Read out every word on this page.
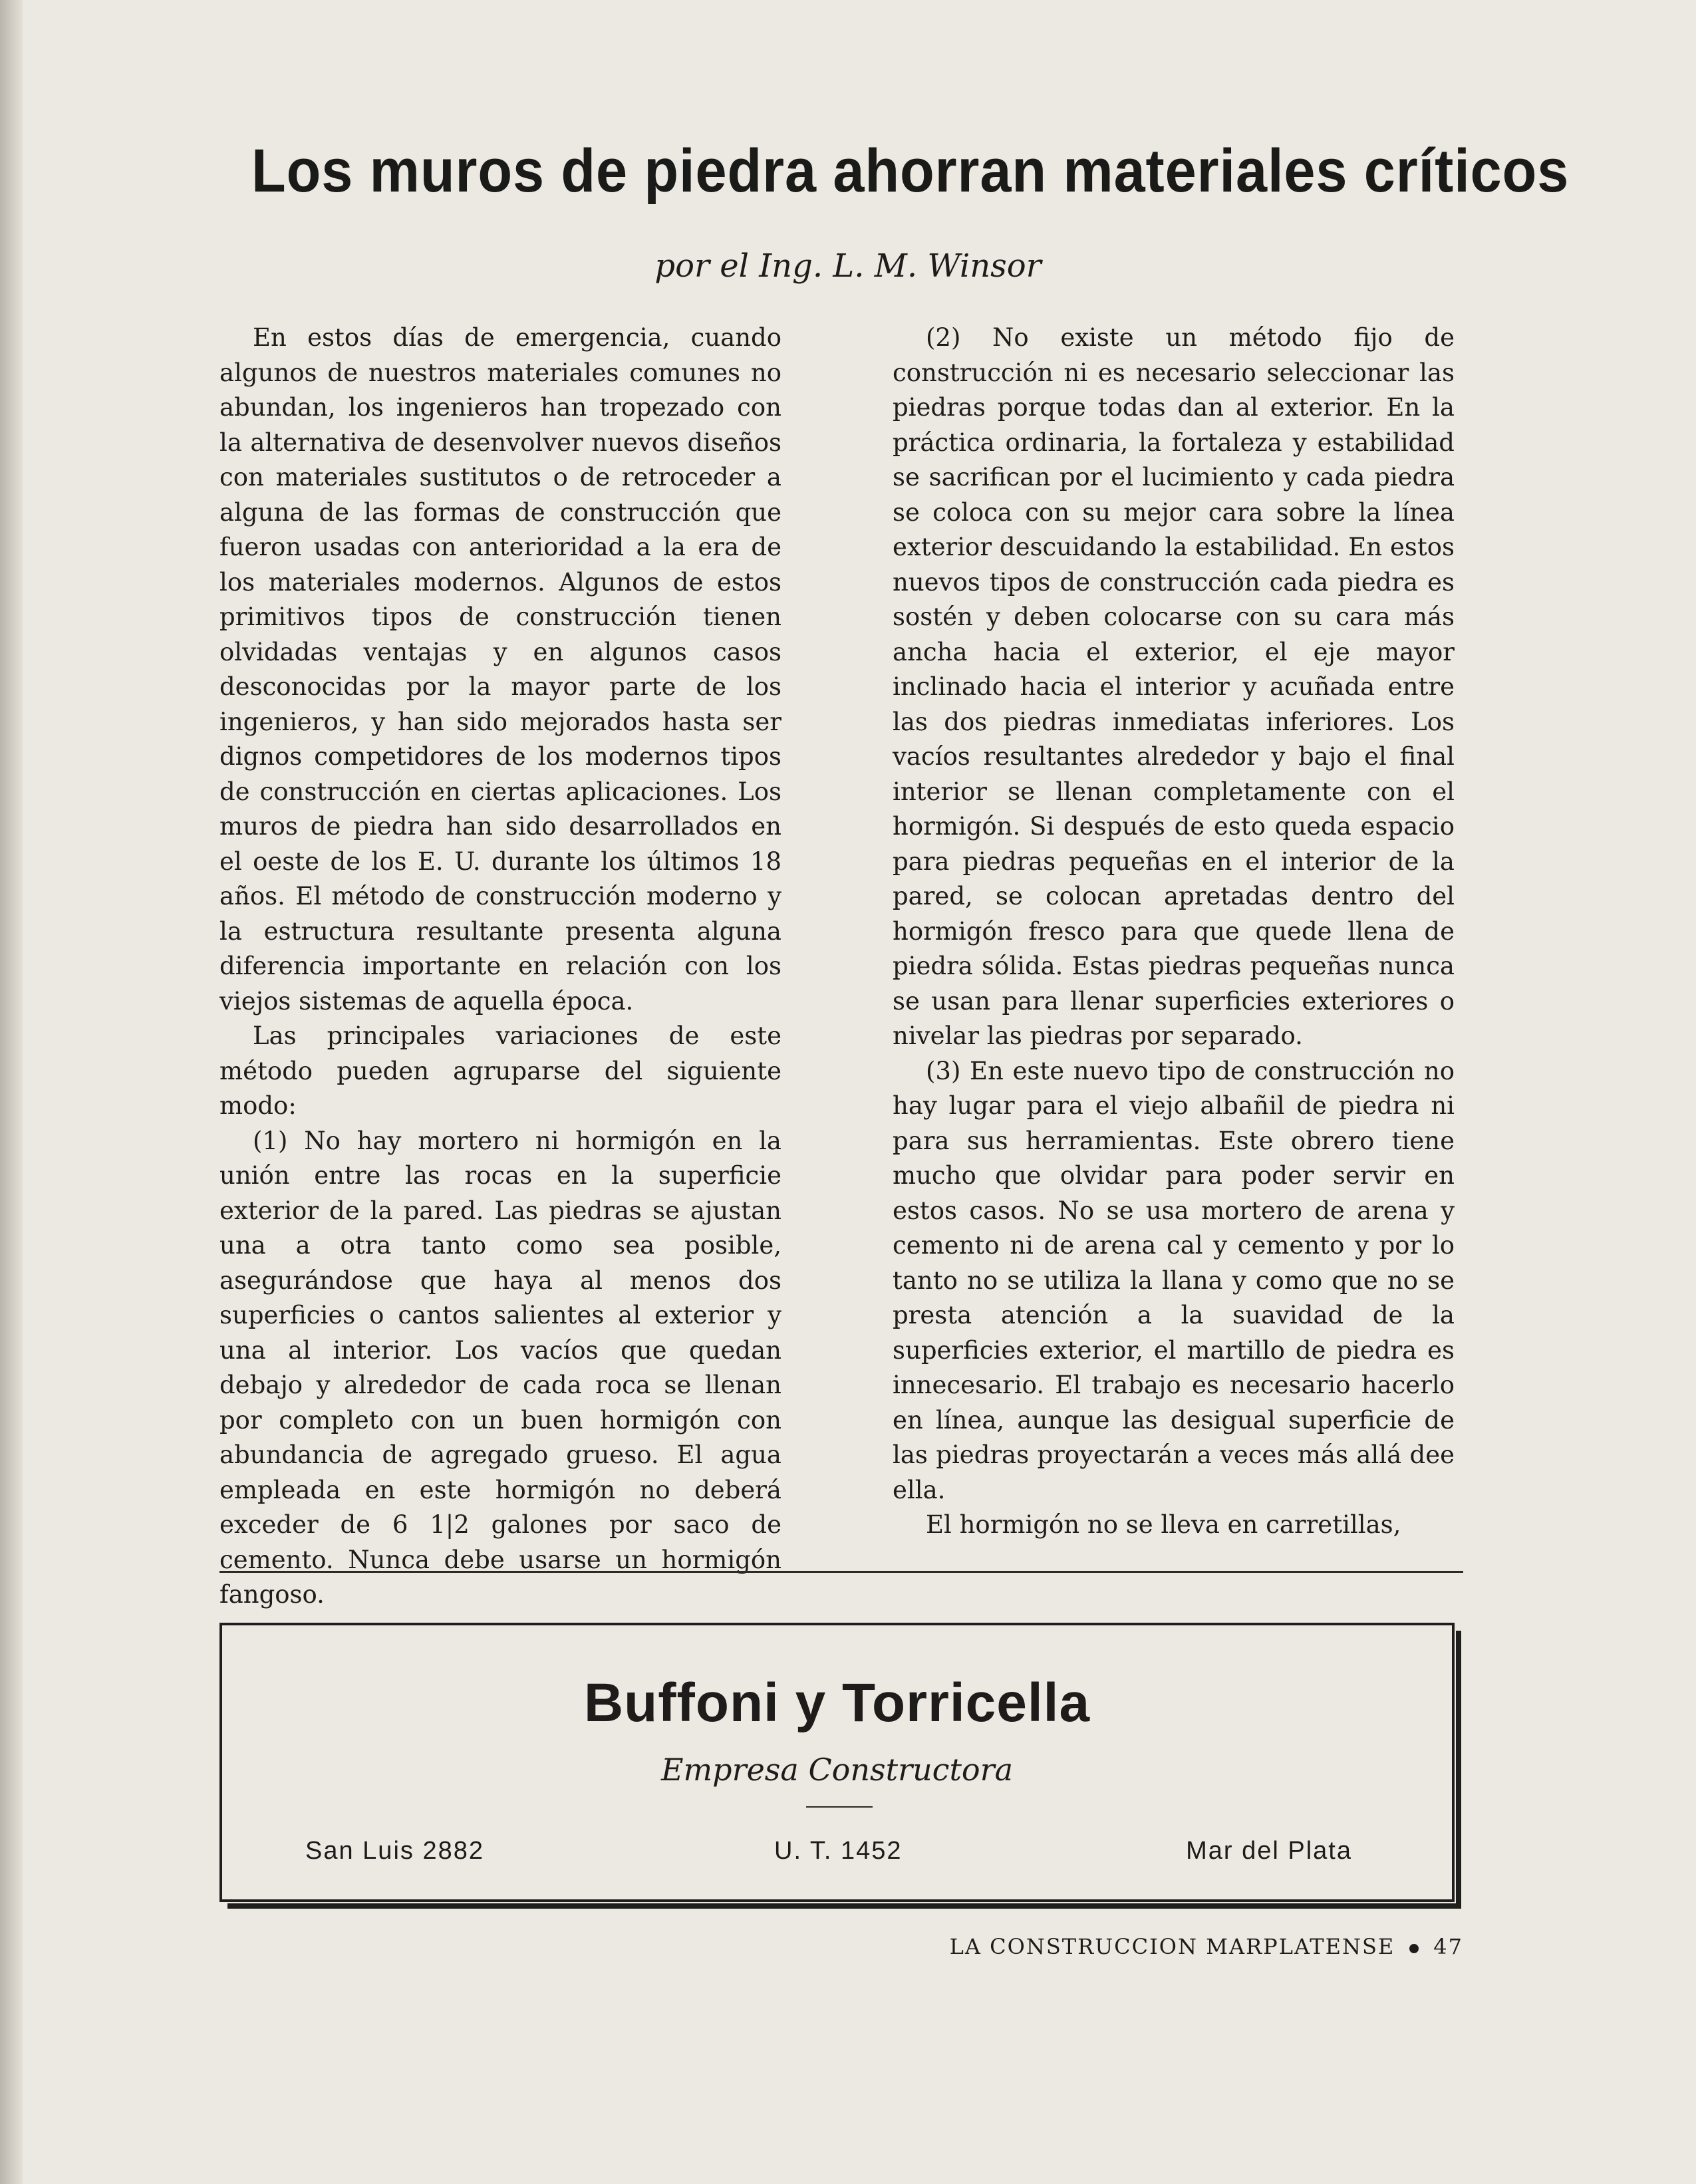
Los muros de piedra ahorran materiales críticos
por el Ing. L. M. Winsor

En estos días de emergencia, cuando algunos de nuestros materiales comunes no abundan, los ingenieros han tropezado con la alternativa de desenvolver nuevos diseños con materiales sustitutos o de retroceder a alguna de las formas de construcción que fueron usadas con anterioridad a la era de los materiales modernos. Algunos de estos primitivos tipos de construcción tienen olvidadas ventajas y en algunos casos desconocidas por la mayor parte de los ingenieros, y han sido mejorados hasta ser dignos competidores de los modernos tipos de construcción en ciertas aplicaciones. Los muros de piedra han sido desarrollados en el oeste de los E. U. durante los últimos 18 años. El método de construcción moderno y la estructura resultante presenta alguna diferencia importante en relación con los viejos sistemas de aquella época.

Las principales variaciones de este método pueden agruparse del siguiente modo:

(1) No hay mortero ni hormigón en la unión entre las rocas en la superficie exterior de la pared. Las piedras se ajustan una a otra tanto como sea posible, asegurándose que haya al menos dos superficies o cantos salientes al exterior y una al interior. Los vacíos que quedan debajo y alrededor de cada roca se llenan por completo con un buen hormigón con abundancia de agregado grueso. El agua empleada en este hormigón no deberá exceder de 6 1|2 galones por saco de cemento. Nunca debe usarse un hormigón fangoso.

(2) No existe un método fijo de construcción ni es necesario seleccionar las piedras porque todas dan al exterior. En la práctica ordinaria, la fortaleza y estabilidad se sacrifican por el lucimiento y cada piedra se coloca con su mejor cara sobre la línea exterior descuidando la estabilidad. En estos nuevos tipos de construcción cada piedra es sostén y deben colocarse con su cara más ancha hacia el exterior, el eje mayor inclinado hacia el interior y acuñada entre las dos piedras inmediatas inferiores. Los vacíos resultantes alrededor y bajo el final interior se llenan completamente con el hormigón. Si después de esto queda espacio para piedras pequeñas en el interior de la pared, se colocan apretadas dentro del hormigón fresco para que quede llena de piedra sólida. Estas piedras pequeñas nunca se usan para llenar superficies exteriores o nivelar las piedras por separado.

(3) En este nuevo tipo de construcción no hay lugar para el viejo albañil de piedra ni para sus herramientas. Este obrero tiene mucho que olvidar para poder servir en estos casos. No se usa mortero de arena y cemento ni de arena cal y cemento y por lo tanto no se utiliza la llana y como que no se presta atención a la suavidad de la superficies exterior, el martillo de piedra es innecesario. El trabajo es necesario hacerlo en línea, aunque las desigual superficie de las piedras proyectarán a veces más allá dee ella.

El hormigón no se lleva en carretillas,

Buffoni y Torricella
Empresa Constructora
San Luis 2882	U. T. 1452	Mar del Plata
LA CONSTRUCCION MARPLATENSE 47
